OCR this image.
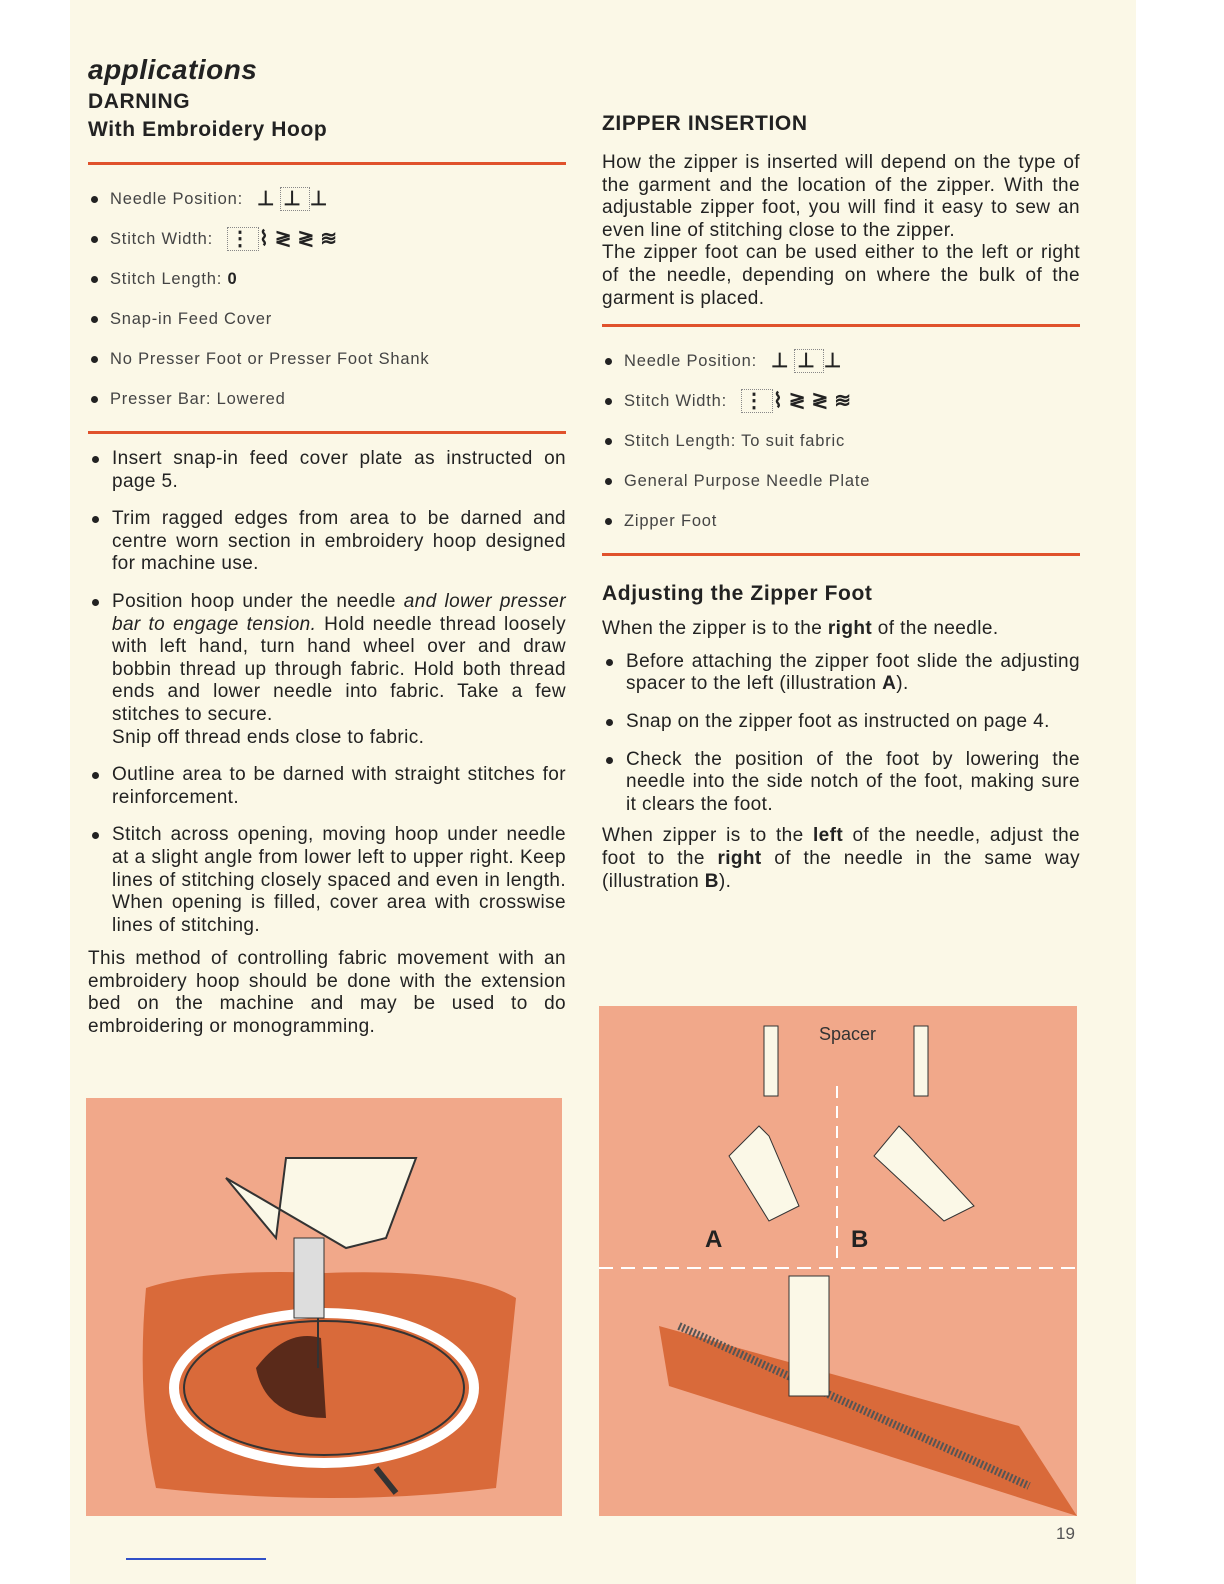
applications
DARNING
With Embroidery Hoop
Needle Position: ⊥ ⊥ ⊥
Stitch Width: ⋮ ⌇≷≷≋
Stitch Length:
0
Snap-in Feed Cover
No Presser Foot or Presser Foot Shank
Presser Bar: Lowered
Insert snap-in feed cover plate as instructed on page 5.
Trim ragged edges from area to be darned and centre worn section in embroidery hoop designed for machine use.
Position hoop under the needle and lower presser bar to engage tension. Hold needle thread loosely with left hand, turn hand wheel over and draw bobbin thread up through fabric. Hold both thread ends and lower needle into fabric. Take a few stitches to secure.
Snip off thread ends close to fabric.
Outline area to be darned with straight stitches for reinforcement.
Stitch across opening, moving hoop under needle at a slight angle from lower left to upper right. Keep lines of stitching closely spaced and even in length. When opening is filled, cover area with crosswise lines of stitching.

This method of controlling fabric movement with an embroidery hoop should be done with the extension bed on the machine and may be used to do embroidering or monogramming.

ZIPPER INSERTION

How the zipper is inserted will depend on the type of the garment and the location of the zipper. With the adjustable zipper foot, you will find it easy to sew an even line of stitching close to the zipper.

The zipper foot can be used either to the left or right of the needle, depending on where the bulk of the garment is placed.

Needle Position: ⊥ ⊥ ⊥
Stitch Width: ⋮ ⌇≷≷≋
Stitch Length: To suit fabric
General Purpose Needle Plate
Zipper Foot
Adjusting the Zipper Foot

When the zipper is to the right of the needle.

Before attaching the zipper foot slide the adjusting spacer to the left (illustration A).
Snap on the zipper foot as instructed on page 4.
Check the position of the foot by lowering the needle into the side notch of the foot, making sure it clears the foot.

When zipper is to the left of the needle, adjust the foot to the right of the needle in the same way (illustration B).

Spacer
A	B
19
